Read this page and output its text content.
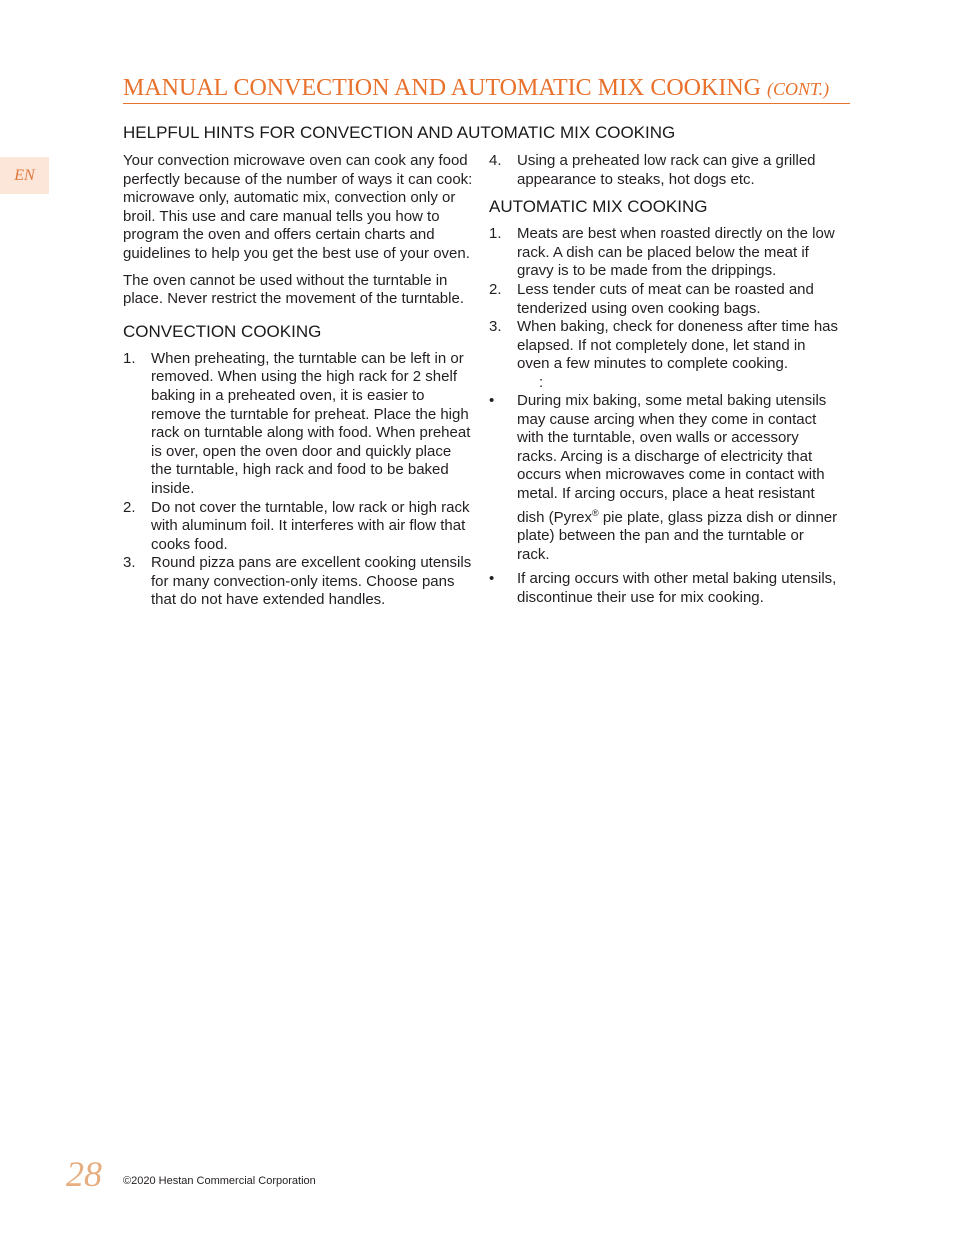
EN
MANUAL CONVECTION AND AUTOMATIC MIX COOKING (CONT.)
HELPFUL HINTS FOR CONVECTION AND AUTOMATIC MIX COOKING

Your convection microwave oven can cook any food perfectly because of the number of ways it can cook: microwave only, automatic mix, convection only or broil. This use and care manual tells you how to program the oven and offers certain charts and guidelines to help you get the best use of your oven.

The oven cannot be used without the turntable in place. Never restrict the movement of the turntable.

CONVECTION COOKING
1.	When preheating, the turntable can be left in or removed. When using the high rack for 2 shelf baking in a preheated oven, it is easier to remove the turntable for preheat. Place the high rack on turntable along with food. When preheat is over, open the oven door and quickly place the turntable, high rack and food to be baked inside.
2.	Do not cover the turntable, low rack or high rack with aluminum foil. It interferes with air flow that cooks food.
3.	Round pizza pans are excellent cooking utensils for many convection-only items. Choose pans that do not have extended handles.
4.	Using a preheated low rack can give a grilled appearance to steaks, hot dogs etc.
AUTOMATIC MIX COOKING
1.	Meats are best when roasted directly on the low rack. A dish can be placed below the meat if gravy is to be made from the drippings.
2.	Less tender cuts of meat can be roasted and tenderized using oven cooking bags.
3.	When baking, check for doneness after time has elapsed. If not completely done, let stand in oven a few minutes to complete cooking.

:

•	During mix baking, some metal baking utensils may cause arcing when they come in contact with the turntable, oven walls or accessory racks. Arcing is a discharge of electricity that occurs when microwaves come in contact with metal. If arcing occurs, place a heat resistant dish (Pyrex® pie plate, glass pizza dish or dinner plate) between the pan and the turntable or rack.
•	If arcing occurs with other metal baking utensils, discontinue their use for mix cooking.
28 ©2020 Hestan Commercial Corporation
